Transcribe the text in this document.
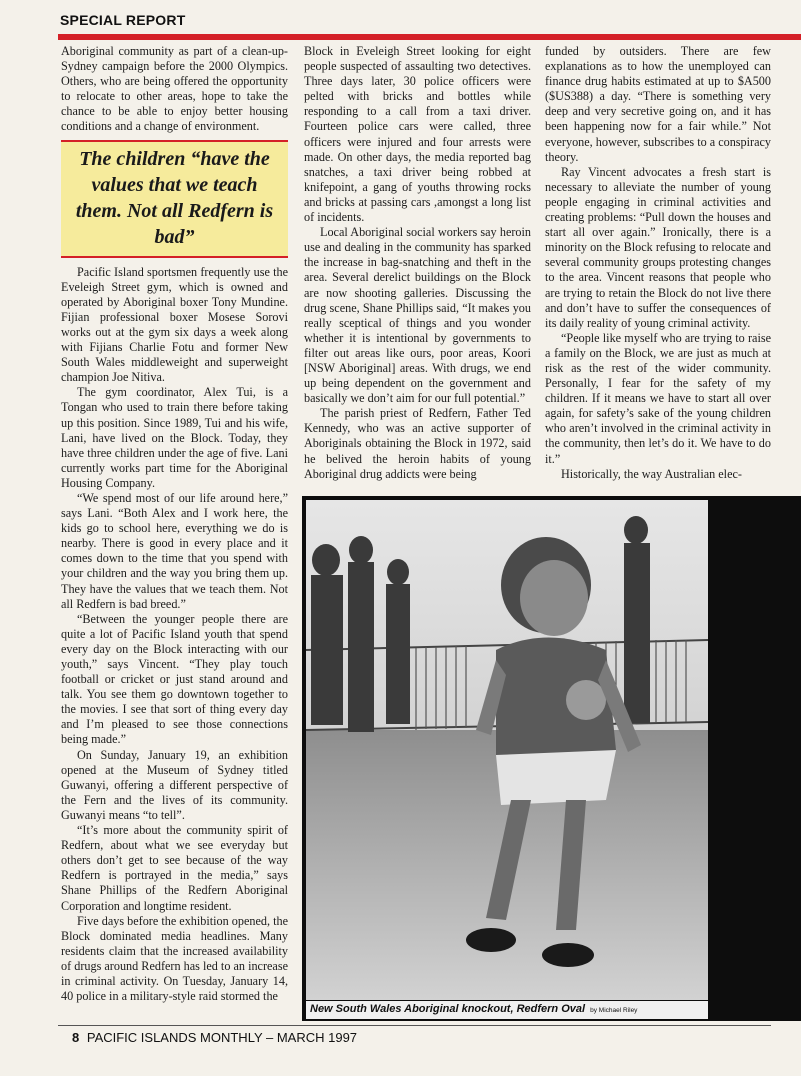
SPECIAL REPORT

Aboriginal community as part of a clean-up-Sydney campaign before the 2000 Olympics. Others, who are being offered the opportunity to relocate to other areas, hope to take the chance to be able to enjoy better housing conditions and a change of environment.

The children “have the values that we teach them. Not all Redfern is bad”

Pacific Island sportsmen frequently use the Eveleigh Street gym, which is owned and operated by Aboriginal boxer Tony Mundine. Fijian professional boxer Mosese Sorovi works out at the gym six days a week along with Fijians Charlie Fotu and former New South Wales middleweight and superweight champion Joe Nitiva.

The gym coordinator, Alex Tui, is a Tongan who used to train there before taking up this position. Since 1989, Tui and his wife, Lani, have lived on the Block. Today, they have three children under the age of five. Lani currently works part time for the Aboriginal Housing Company.

“We spend most of our life around here,” says Lani. “Both Alex and I work here, the kids go to school here, everything we do is nearby. There is good in every place and it comes down to the time that you spend with your children and the way you bring them up. They have the values that we teach them. Not all Redfern is bad breed.”

“Between the younger people there are quite a lot of Pacific Island youth that spend every day on the Block interacting with our youth,” says Vincent. “They play touch football or cricket or just stand around and talk. You see them go downtown together to the movies. I see that sort of thing every day and I’m pleased to see those connections being made.”

On Sunday, January 19, an exhibition opened at the Museum of Sydney titled Guwanyi, offering a different perspective of the Fern and the lives of its community. Guwanyi means “to tell”.

“It’s more about the community spirit of Redfern, about what we see everyday but others don’t get to see because of the way Redfern is portrayed in the media,” says Shane Phillips of the Redfern Aboriginal Corporation and longtime resident.

Five days before the exhibition opened, the Block dominated media headlines. Many residents claim that the increased availability of drugs around Redfern has led to an increase in criminal activity. On Tuesday, January 14, 40 police in a military-style raid stormed the

Block in Eveleigh Street looking for eight people suspected of assaulting two detectives. Three days later, 30 police officers were pelted with bricks and bottles while responding to a call from a taxi driver. Fourteen police cars were called, three officers were injured and four arrests were made. On other days, the media reported bag snatches, a taxi driver being robbed at knifepoint, a gang of youths throwing rocks and bricks at passing cars ,amongst a long list of incidents.

Local Aboriginal social workers say heroin use and dealing in the community has sparked the increase in bag-snatching and theft in the area. Several derelict buildings on the Block are now shooting galleries. Discussing the drug scene, Shane Phillips said, “It makes you really sceptical of things and you wonder whether it is intentional by governments to filter out areas like ours, poor areas, Koori [NSW Aboriginal] areas. With drugs, we end up being dependent on the government and basically we don’t aim for our full potential.”

The parish priest of Redfern, Father Ted Kennedy, who was an active supporter of Aboriginals obtaining the Block in 1972, said he belived the heroin habits of young Aboriginal drug addicts were being

funded by outsiders. There are few explanations as to how the unemployed can finance drug habits estimated at up to $A500 ($US388) a day. “There is something very deep and very secretive going on, and it has been happening now for a fair while.” Not everyone, however, subscribes to a conspiracy theory.

Ray Vincent advocates a fresh start is necessary to alleviate the number of young people engaging in criminal activities and creating problems: “Pull down the houses and start all over again.” Ironically, there is a minority on the Block refusing to relocate and several community groups protesting changes to the area. Vincent reasons that people who are trying to retain the Block do not live there and don’t have to suffer the consequences of its daily reality of young criminal activity.

“People like myself who are trying to raise a family on the Block, we are just as much at risk as the rest of the wider community. Personally, I fear for the safety of my children. If it means we have to start all over again, for safety’s sake of the young children who aren’t involved in the criminal activity in the community, then let’s do it. We have to do it.”

Historically, the way Australian elec-

New South Wales Aboriginal knockout, Redfern Oval by Michael Riley
8 PACIFIC ISLANDS MONTHLY – MARCH 1997
